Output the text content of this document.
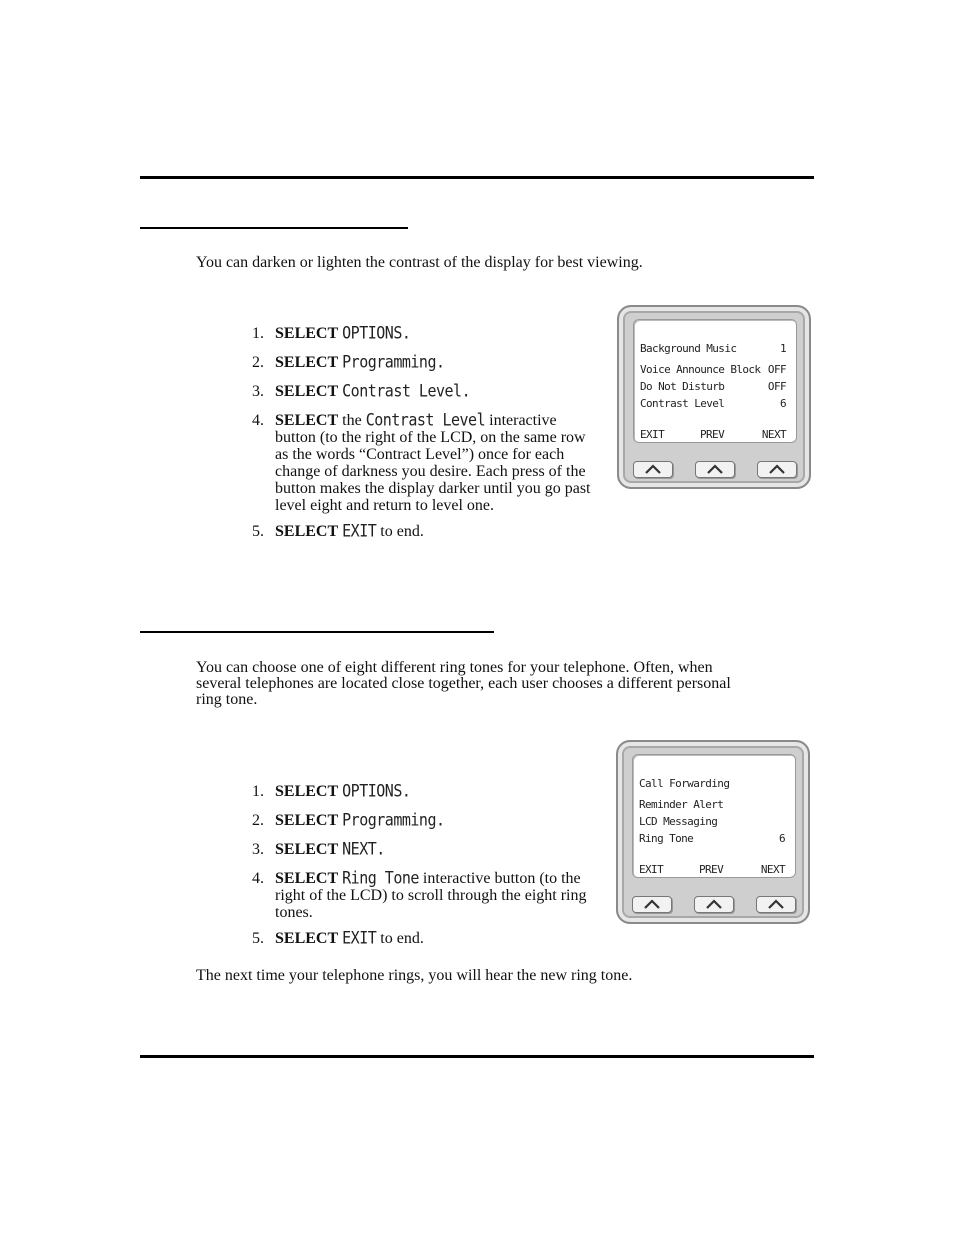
You can darken or lighten the contrast of the display for best viewing.

1. SELECT OPTIONS.
2. SELECT Programming.
3. SELECT Contrast Level.
4. SELECT the Contrast Level interactive button (to the right of the LCD, on the same row as the words “Contract Level”) once for each change of darkness you desire. Each press of the button makes the display darker until you go past level eight and return to level one.
5. SELECT EXIT to end.
Background Music	1
Voice Announce Block OFF
Do Not Disturb	OFF
Contrast Level	6
EXIT	PREV	NEXT

You can choose one of eight different ring tones for your telephone. Often, when several telephones are located close together, each user chooses a different personal ring tone.

1. SELECT OPTIONS.
2. SELECT Programming.
3. SELECT NEXT.
4. SELECT Ring Tone interactive button (to the right of the LCD) to scroll through the eight ring tones.
5. SELECT EXIT to end.
Call Forwarding
Reminder Alert
LCD Messaging
Ring Tone	6
EXIT	PREV	NEXT

The next time your telephone rings, you will hear the new ring tone.
